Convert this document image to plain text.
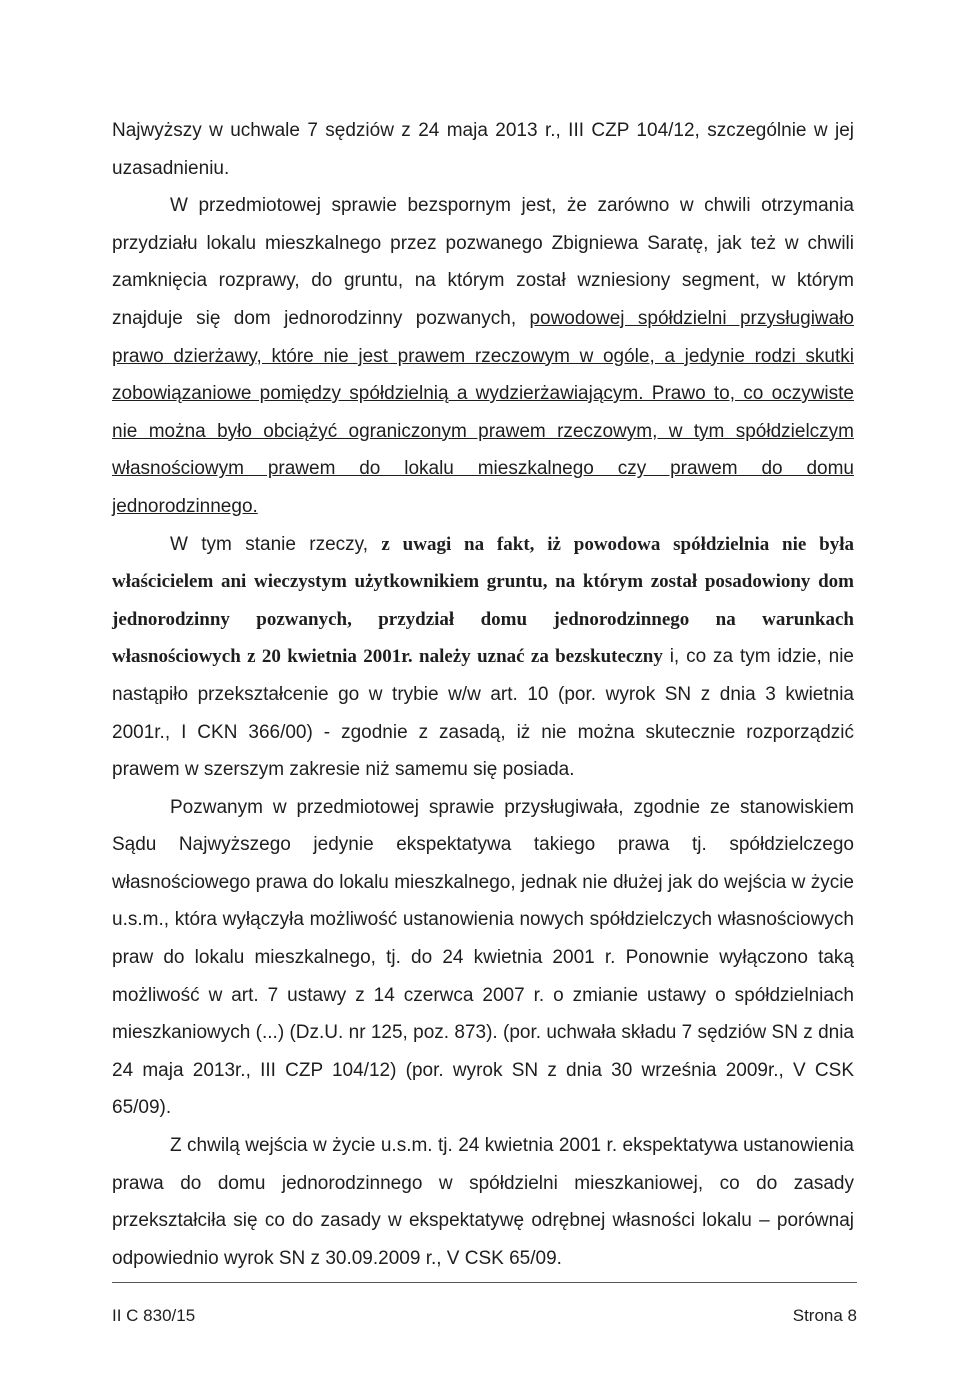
Najwyższy w uchwale 7 sędziów z 24 maja 2013 r., III CZP 104/12, szczególnie w jej uzasadnieniu.

W przedmiotowej sprawie bezspornym jest, że zarówno w chwili otrzymania przydziału lokalu mieszkalnego przez pozwanego Zbigniewa Saratę, jak też w chwili zamknięcia rozprawy, do gruntu, na którym został wzniesiony segment, w którym znajduje się dom jednorodzinny pozwanych, powodowej spółdzielni przysługiwało prawo dzierżawy, które nie jest prawem rzeczowym w ogóle, a jedynie rodzi skutki zobowiązaniowe pomiędzy spółdzielnią a wydzierżawiającym. Prawo to, co oczywiste nie można było obciążyć ograniczonym prawem rzeczowym, w tym spółdzielczym własnościowym prawem do lokalu mieszkalnego czy prawem do domu jednorodzinnego.

W tym stanie rzeczy, z uwagi na fakt, iż powodowa spółdzielnia nie była właścicielem ani wieczystym użytkownikiem gruntu, na którym został posadowiony dom jednorodzinny pozwanych, przydział domu jednorodzinnego na warunkach własnościowych z 20 kwietnia 2001r. należy uznać za bezskuteczny i, co za tym idzie, nie nastąpiło przekształcenie go w trybie w/w art. 10 (por. wyrok SN z dnia 3 kwietnia 2001r., I CKN 366/00) - zgodnie z zasadą, iż nie można skutecznie rozporządzić prawem w szerszym zakresie niż samemu się posiada.

Pozwanym w przedmiotowej sprawie przysługiwała, zgodnie ze stanowiskiem Sądu Najwyższego jedynie ekspektatywa takiego prawa tj. spółdzielczego własnościowego prawa do lokalu mieszkalnego, jednak nie dłużej jak do wejścia w życie u.s.m., która wyłączyła możliwość ustanowienia nowych spółdzielczych własnościowych praw do lokalu mieszkalnego, tj. do 24 kwietnia 2001 r. Ponownie wyłączono taką możliwość w art. 7 ustawy z 14 czerwca 2007 r. o zmianie ustawy o spółdzielniach mieszkaniowych (...) (Dz.U. nr 125, poz. 873). (por. uchwała składu 7 sędziów SN z dnia 24 maja 2013r., III CZP 104/12) (por. wyrok SN z dnia 30 września 2009r., V CSK 65/09).

Z chwilą wejścia w życie u.s.m. tj. 24 kwietnia 2001 r. ekspektatywa ustanowienia prawa do domu jednorodzinnego w spółdzielni mieszkaniowej, co do zasady przekształciła się co do zasady w ekspektatywę odrębnej własności lokalu – porównaj odpowiednio wyrok SN z 30.09.2009 r., V CSK 65/09.

II C 830/15	Strona 8
